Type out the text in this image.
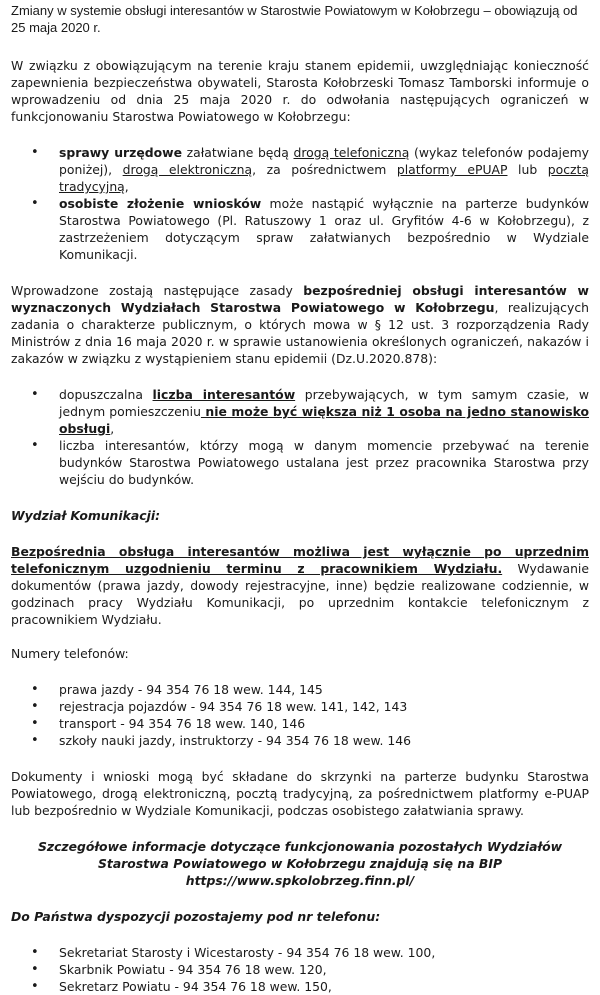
Zmiany w systemie obsługi interesantów w Starostwie Powiatowym w Kołobrzegu – obowiązują od 25 maja 2020 r.

W związku z obowiązującym na terenie kraju stanem epidemii, uwzględniając konieczność zapewnienia bezpieczeństwa obywateli, Starosta Kołobrzeski Tomasz Tamborski informuje o wprowadzeniu od dnia 25 maja 2020 r. do odwołania następujących ograniczeń w funkcjonowaniu Starostwa Powiatowego w Kołobrzegu:

• sprawy urzędowe załatwiane będą drogą telefoniczną (wykaz telefonów podajemy poniżej), drogą elektroniczną, za pośrednictwem platformy ePUAP lub pocztą tradycyjną,
• osobiste złożenie wniosków może nastąpić wyłącznie na parterze budynków Starostwa Powiatowego (Pl. Ratuszowy 1 oraz ul. Gryfitów 4-6 w Kołobrzegu), z zastrzeżeniem dotyczącym spraw załatwianych bezpośrednio w Wydziale Komunikacji.

Wprowadzone zostają następujące zasady bezpośredniej obsługi interesantów w wyznaczonych Wydziałach Starostwa Powiatowego w Kołobrzegu, realizujących zadania o charakterze publicznym, o których mowa w § 12 ust. 3 rozporządzenia Rady Ministrów z dnia 16 maja 2020 r. w sprawie ustanowienia określonych ograniczeń, nakazów i zakazów w związku z wystąpieniem stanu epidemii (Dz.U.2020.878):

• dopuszczalna liczba interesantów przebywających, w tym samym czasie, w jednym pomieszczeniu nie może być większa niż 1 osoba na jedno stanowisko obsługi,
• liczba interesantów, którzy mogą w danym momencie przebywać na terenie budynków Starostwa Powiatowego ustalana jest przez pracownika Starostwa przy wejściu do budynków.

Wydział Komunikacji:

Bezpośrednia obsługa interesantów możliwa jest wyłącznie po uprzednim telefonicznym uzgodnieniu terminu z pracownikiem Wydziału. Wydawanie dokumentów (prawa jazdy, dowody rejestracyjne, inne) będzie realizowane codziennie, w godzinach pracy Wydziału Komunikacji, po uprzednim kontakcie telefonicznym z pracownikiem Wydziału.

Numery telefonów:

• prawa jazdy - 94 354 76 18 wew. 144, 145
• rejestracja pojazdów - 94 354 76 18 wew. 141, 142, 143
• transport - 94 354 76 18 wew. 140, 146
• szkoły nauki jazdy, instruktorzy - 94 354 76 18 wew. 146

Dokumenty i wnioski mogą być składane do skrzynki na parterze budynku Starostwa Powiatowego, drogą elektroniczną, pocztą tradycyjną, za pośrednictwem platformy e-PUAP lub bezpośrednio w Wydziale Komunikacji, podczas osobistego załatwiania sprawy.

Szczegółowe informacje dotyczące funkcjonowania pozostałych Wydziałów

Starostwa Powiatowego w Kołobrzegu znajdują się na BIP

https://www.spkolobrzeg.finn.pl/

Do Państwa dyspozycji pozostajemy pod nr telefonu:

• Sekretariat Starosty i Wicestarosty - 94 354 76 18 wew. 100,
• Skarbnik Powiatu - 94 354 76 18 wew. 120,
• Sekretarz Powiatu - 94 354 76 18 wew. 150,
